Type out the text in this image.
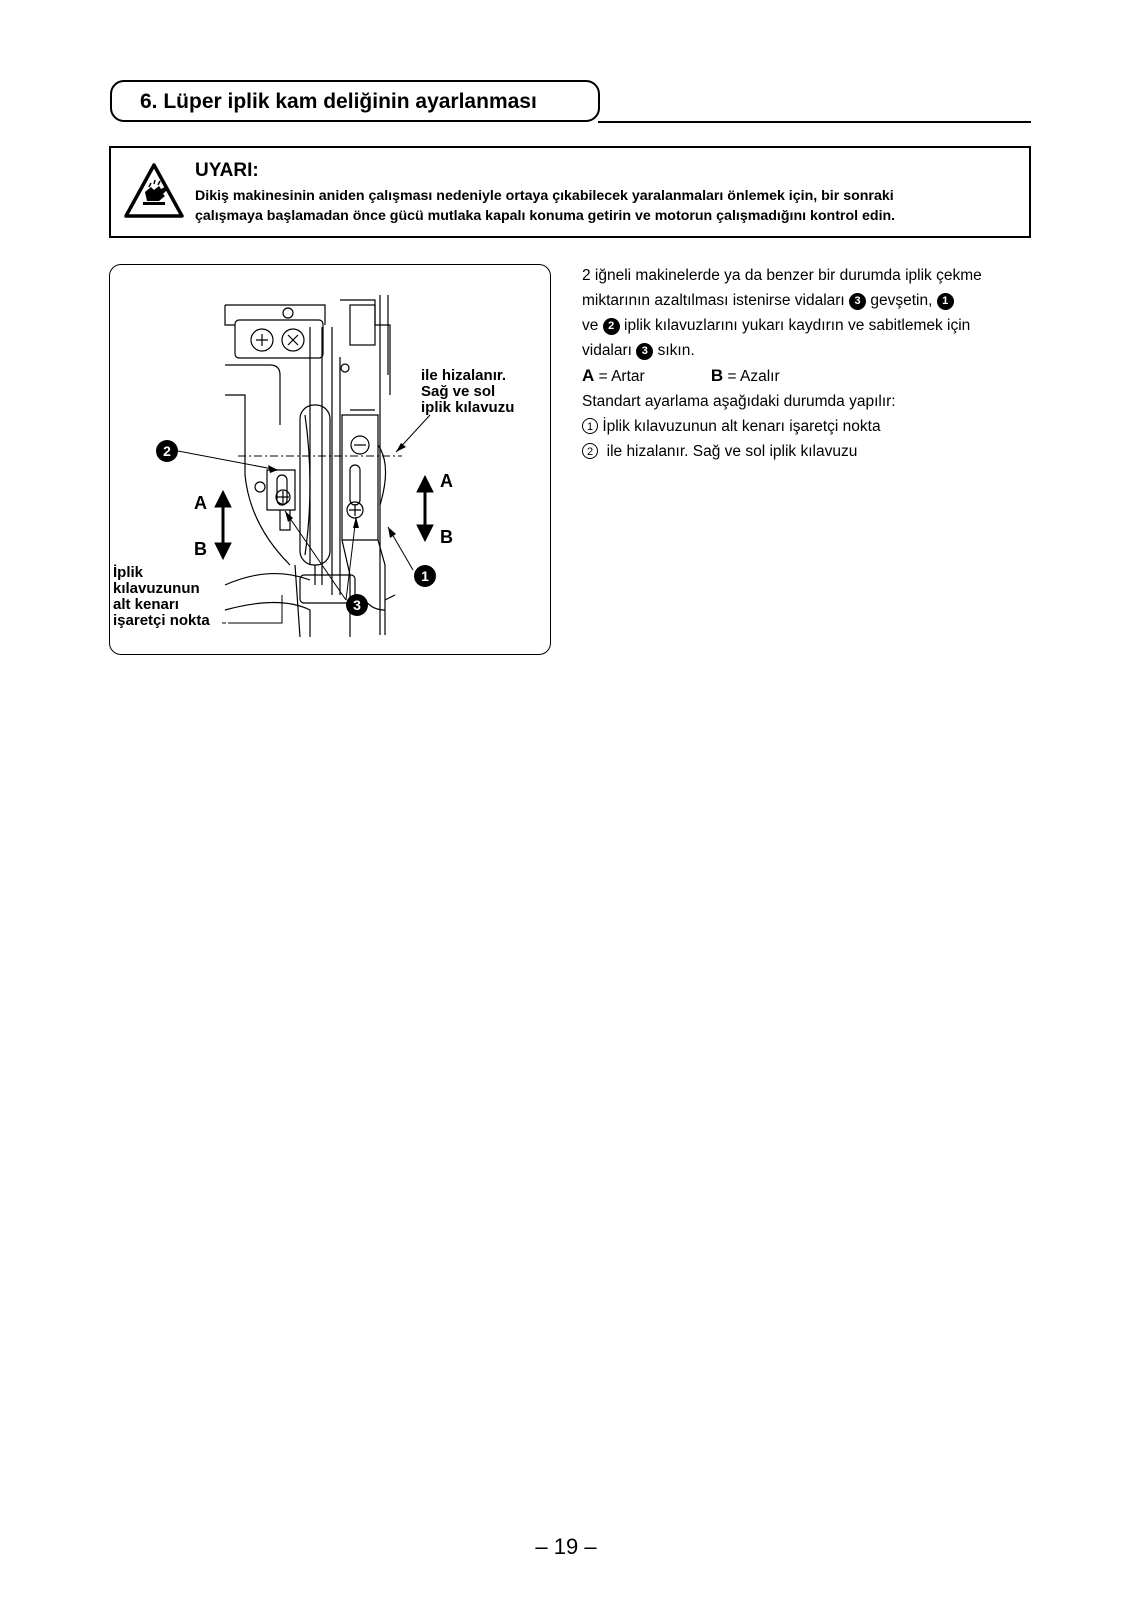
6. Lüper iplik kam deliğinin ayarlanması
UYARI:
Dikiş makinesinin aniden çalışması nedeniyle ortaya çıkabilecek yaralanmaları önlemek için, bir sonraki
çalışmaya başlamadan önce gücü mutlaka kapalı konuma getirin ve motorun çalışmadığını kontrol edin.
ile hizalanır.
Sağ ve sol
iplik kılavuzu
İplik
kılavuzunun
alt kenarı
işaretçi nokta
A
B
A
B
2
1
3

2 iğneli makinelerde ya da benzer bir durumda iplik çekme

miktarının azaltılması istenirse vidaları 3 gevşetin, 1

ve 2 iplik kılavuzlarını yukarı kaydırın ve sabitlemek için

vidaları 3 sıkın.

A = Artar	B = Azalır

Standart ayarlama aşağıdaki durumda yapılır:

1 İplik kılavuzunun alt kenarı işaretçi nokta

2 ile hizalanır. Sağ ve sol iplik kılavuzu

– 19 –
